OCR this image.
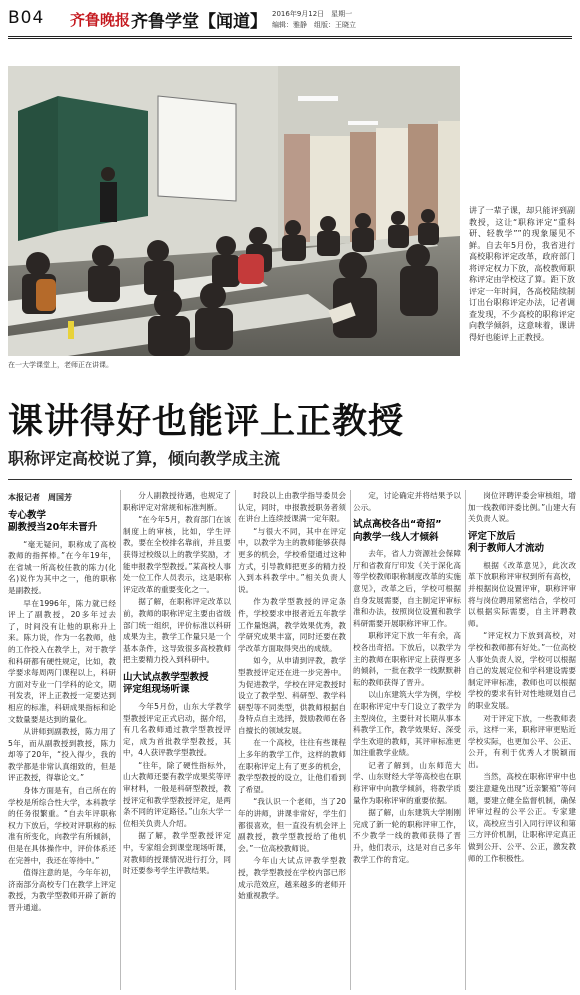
B04 齐鲁晚报 齐鲁学堂【闻道】 2016年9月12日　星期一
编辑：雅静　组版：王晓立
在一大学课堂上，老师正在讲课。
讲了一辈子课，却只能评到副教授，这让“职称评定“重科研、轻教学””的现象屡见不鲜。自去年5月份，我省进行高校职称评定改革，政府部门将评定权力下放，高校教师职称评定由学校这了算。距下放评定一年时间，各高校陆续制订出台职称评定办法，记者调查发现，不少高校的职称评定向教学倾斜，这意味着，课讲得好也能评上正教授。
课讲得好也能评上正教授
职称评定高校说了算，倾向教学成主流
本报记者　周国芳
专心教学
副教授当20年未晋升

“毫无疑问，职称成了高校教师的指挥棒。”在今年19年，在省城一所高校任教的陈力(化名)说作为其中之一，他的职称是副教授。

早在1996年，陈力就已经评上了副教授，20多年过去了，时间没有让他的职称升上来。陈力说，作为一名教师，他的工作投入在教学上，对于教学和科研都有硬性规定，比如，教学要求每周两门课程以上，科研方面对专业一门学科的论文，期刊发表，评上正教授一定要达到相应的标准，科研成果指标和论文数量要是达到的量化。

从讲师到副教授，陈力用了5年，而从副教授到教授，陈力却等了20年，“投入得少，我的教学都是非常认真细致的，但是评正教授，得靠论文。”

身体方面是有，自己所在的学校是所综合性大学，本科教学的任务很繁重。“自去年评职称权力下放后，学校对评职称的标准有所变化，向教学有所倾斜，但是在具体操作中，评价体系还在完善中，我还在等待中。”

值得注意的是，今年年初，济南部分高校专门在教学上评定教授，为教学型教师开辟了新的晋升通道。

分人副教授待遇，也规定了职称评定对常规和标准判断。

“在今年5月，教育部门在该制度上的审核，比如，学生评教，要在全校排名靠前，并且要获得过校级以上的教学奖励，才能申报教学型教授。”某高校人事处一位工作人员表示，这是职称评定改革的重要变化之一。

据了解，在职称评定改革以前，教师的职称评定主要由省级部门统一组织，评价标准以科研成果为主，教学工作量只是一个基本条件，这导致很多高校教师把主要精力投入到科研中。

山大试点教学型教授
评定组现场听课

今年5月份，山东大学教学型教授评定正式启动，据介绍，有几名教师通过教学型教授评定，成为首批教学型教授，其中，4人获评教学型教授。

“往年，除了硬性指标外，山大教师还要有教学成果奖等评审材料，一般是科研型教授，教授评定和教学型教授评定，是两条不同的评定路径。”山东大学一位相关负责人介绍。

据了解，教学型教授评定中，专家组会到课堂现场听课，对教师的授课情况进行打分，同时还要参考学生评教结果。

时段以上由教学指导委员会认定，同时，申报教授职务者须在讲台上连续授课满一定年限。

“与很大不同，其中在评定中，以教学为主的教师能够获得更多的机会，学校希望通过这种方式，引导教师把更多的精力投入到本科教学中。”相关负责人说。

作为教学型教授的评定条件，学校要求申报者近五年教学工作量饱满，教学效果优秀，教学研究成果丰富，同时还要在教学改革方面取得突出的成绩。

如今，从申请到评教，教学型教授评定还在进一步完善中。为促进教学，学校在评定教授时设立了教学型、科研型、教学科研型等不同类型，供教师根据自身特点自主选择，鼓励教师在各自擅长的领域发展。

在一个高校，往往有些课程上多年的教学工作，这样的教师在职称评定上有了更多的机会，教学型教授的设立，让他们看到了希望。

“我认识一个老师，当了20年的讲师，讲课非常好，学生们都很喜欢，但一直没有机会评上副教授，教学型教授给了他机会。”一位高校教师说。

今年山大试点评教学型教授，教学型教授在学校内部已形成示范效应，越来越多的老师开始重视教学。

定，讨论确定并将结果予以公示。

试点高校各出“奇招”
向教学一线人才倾斜

去年，省人力资源社会保障厅和省教育厅印发《关于深化高等学校教师职称制度改革的实施意见》，改革之后，学校可根据自身发展需要，自主制定评审标准和办法，按照岗位设置和教学科研需要开展职称评审工作。

职称评定下放一年有余，高校各出奇招。下放后，以教学为主的教师在职称评定上获得更多的倾斜，一批在教学一线默默耕耘的教师获得了晋升。

以山东建筑大学为例，学校在职称评定中专门设立了教学为主型岗位，主要针对长期从事本科教学工作，教学效果好、深受学生欢迎的教师，其评审标准更加注重教学业绩。

记者了解到，山东师范大学、山东财经大学等高校也在职称评审中向教学倾斜，将教学质量作为职称评审的重要依据。

据了解，山东建筑大学刚刚完成了新一轮的职称评审工作，不少教学一线的教师获得了晋升，他们表示，这是对自己多年教学工作的肯定。

岗位评聘评委会审核组，增加一线教师评委比例。”山建大有关负责人说。

评定下放后
利于教师人才流动

根据《改革意见》，此次改革下放职称评审权到所有高校，并根据岗位设置评审，职称评审将与岗位聘用紧密结合，学校可以根据实际需要，自主评聘教师。

“评定权力下放到高校，对学校和教师都有好处。”一位高校人事处负责人说，学校可以根据自己的发展定位和学科建设需要制定评审标准，教师也可以根据学校的要求有针对性地规划自己的职业发展。

对于评定下放，一些教师表示，这样一来，职称评审更贴近学校实际，也更加公平、公正、公开，有利于优秀人才脱颖而出。

当然，高校在职称评审中也要注意避免出现“近亲繁殖”等问题，要建立健全监督机制，确保评审过程的公平公正。专家建议，高校应当引入同行评议和第三方评价机制，让职称评定真正做到公开、公平、公正，激发教师的工作积极性。
